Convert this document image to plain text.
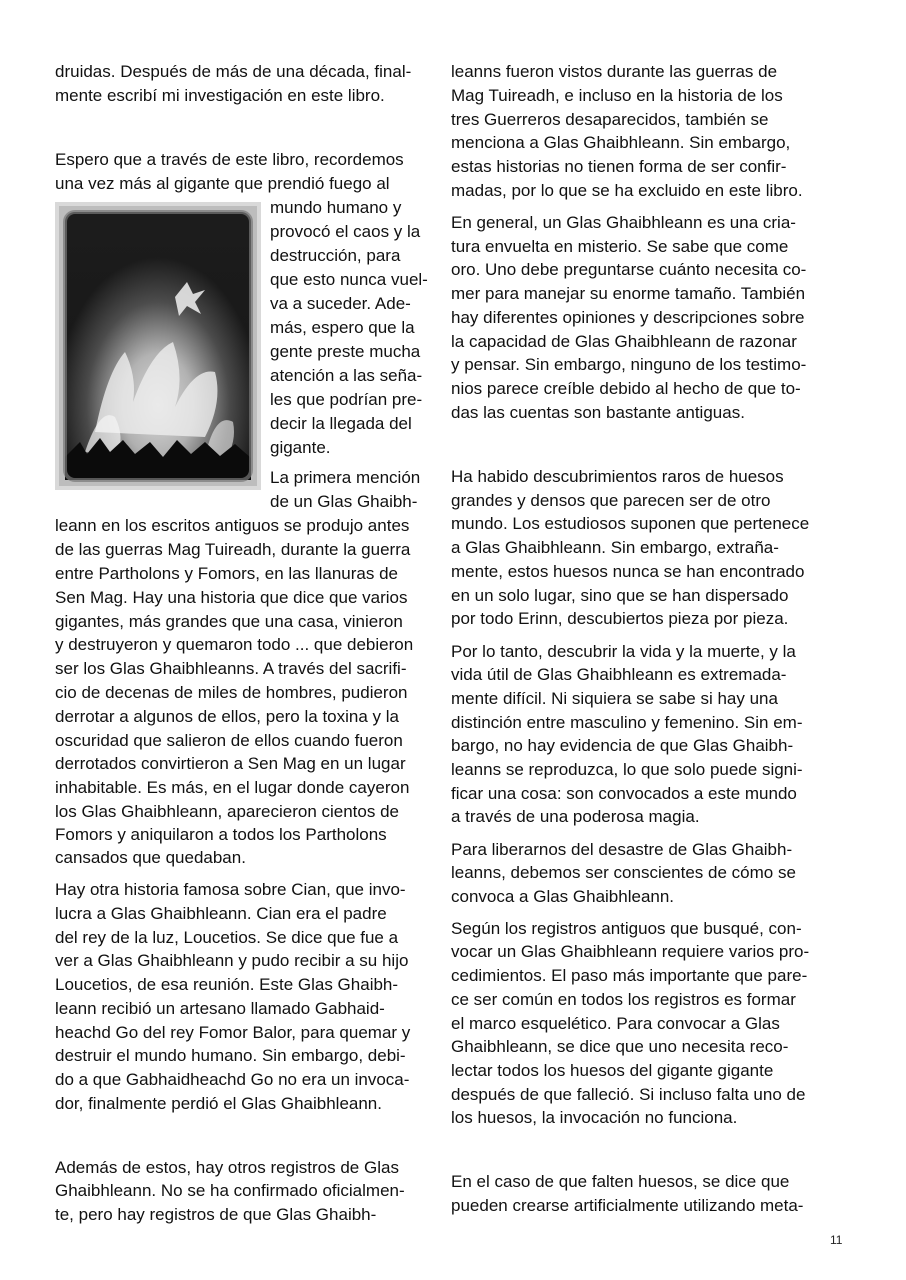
druidas. Después de más de una década, final-
mente escribí mi investigación en este libro.
Espero que a través de este libro, recordemos
una vez más al gigante que prendió fuego al
mundo humano y
provocó el caos y la
destrucción, para
que esto nunca vuel-
va a suceder. Ade-
más, espero que la
gente preste mucha
atención a las seña-
les que podrían pre-
decir la llegada del
gigante.
La primera mención
de un Glas Ghaibh-
leann en los escritos antiguos se produjo antes
de las guerras Mag Tuireadh, durante la guerra
entre Partholons y Fomors, en las llanuras de
Sen Mag. Hay una historia que dice que varios
gigantes, más grandes que una casa, vinieron
y destruyeron y quemaron todo ... que debieron
ser los Glas Ghaibhleanns. A través del sacrifi-
cio de decenas de miles de hombres, pudieron
derrotar a algunos de ellos, pero la toxina y la
oscuridad que salieron de ellos cuando fueron
derrotados convirtieron a Sen Mag en un lugar
inhabitable. Es más, en el lugar donde cayeron
los Glas Ghaibhleann, aparecieron cientos de
Fomors y aniquilaron a todos los Partholons
cansados que quedaban.
Hay otra historia famosa sobre Cian, que invo-
lucra a Glas Ghaibhleann. Cian era el padre
del rey de la luz, Loucetios. Se dice que fue a
ver a Glas Ghaibhleann y pudo recibir a su hijo
Loucetios, de esa reunión. Este Glas Ghaibh-
leann recibió un artesano llamado Gabhaid-
heachd Go del rey Fomor Balor, para quemar y
destruir el mundo humano. Sin embargo, debi-
do a que Gabhaidheachd Go no era un invoca-
dor, finalmente perdió el Glas Ghaibhleann.
Además de estos, hay otros registros de Glas
Ghaibhleann. No se ha confirmado oficialmen-
te, pero hay registros de que Glas Ghaibh-
leanns fueron vistos durante las guerras de
Mag Tuireadh, e incluso en la historia de los
tres Guerreros desaparecidos, también se
menciona a Glas Ghaibhleann. Sin embargo,
estas historias no tienen forma de ser confir-
madas, por lo que se ha excluido en este libro.
En general, un Glas Ghaibhleann es una cria-
tura envuelta en misterio. Se sabe que come
oro. Uno debe preguntarse cuánto necesita co-
mer para manejar su enorme tamaño. También
hay diferentes opiniones y descripciones sobre
la capacidad de Glas Ghaibhleann de razonar
y pensar. Sin embargo, ninguno de los testimo-
nios parece creíble debido al hecho de que to-
das las cuentas son bastante antiguas.
Ha habido descubrimientos raros de huesos
grandes y densos que parecen ser de otro
mundo. Los estudiosos suponen que pertenece
a Glas Ghaibhleann. Sin embargo, extraña-
mente, estos huesos nunca se han encontrado
en un solo lugar, sino que se han dispersado
por todo Erinn, descubiertos pieza por pieza.
Por lo tanto, descubrir la vida y la muerte, y la
vida útil de Glas Ghaibhleann es extremada-
mente difícil. Ni siquiera se sabe si hay una
distinción entre masculino y femenino. Sin em-
bargo, no hay evidencia de que Glas Ghaibh-
leanns se reproduzca, lo que solo puede signi-
ficar una cosa: son convocados a este mundo
a través de una poderosa magia.
Para liberarnos del desastre de Glas Ghaibh-
leanns, debemos ser conscientes de cómo se
convoca a Glas Ghaibhleann.
Según los registros antiguos que busqué, con-
vocar un Glas Ghaibhleann requiere varios pro-
cedimientos. El paso más importante que pare-
ce ser común en todos los registros es formar
el marco esquelético. Para convocar a Glas
Ghaibhleann, se dice que uno necesita reco-
lectar todos los huesos del gigante gigante
después de que falleció. Si incluso falta uno de
los huesos, la invocación no funciona.
En el caso de que falten huesos, se dice que
pueden crearse artificialmente utilizando meta-
11
